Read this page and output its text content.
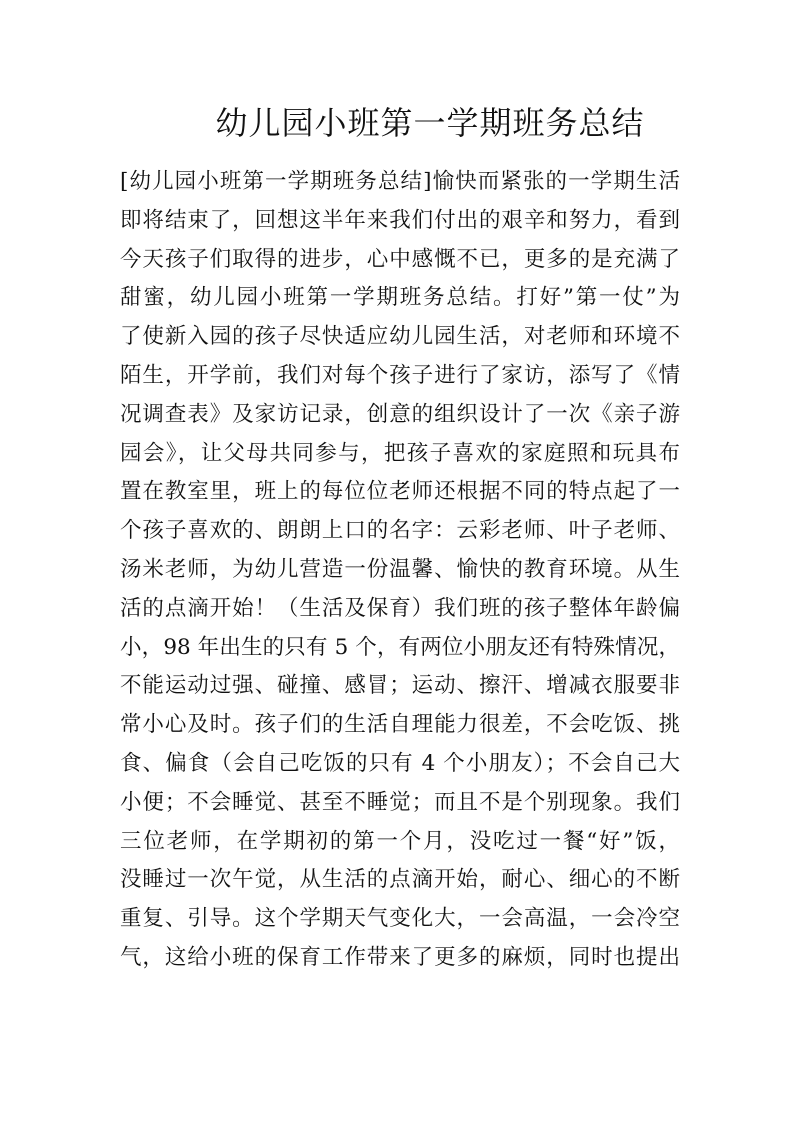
幼儿园小班第一学期班务总结
[幼儿园小班第一学期班务总结]愉快而紧张的一学期生活
即将结束了，回想这半年来我们付出的艰辛和努力，看到
今天孩子们取得的进步，心中感慨不已，更多的是充满了
甜蜜，幼儿园小班第一学期班务总结。打好”第一仗”为
了使新入园的孩子尽快适应幼儿园生活，对老师和环境不
陌生，开学前，我们对每个孩子进行了家访，添写了《情
况调查表》及家访记录，创意的组织设计了一次《亲子游
园会》，让父母共同参与，把孩子喜欢的家庭照和玩具布
置在教室里，班上的每位位老师还根据不同的特点起了一
个孩子喜欢的、朗朗上口的名字：云彩老师、叶子老师、
汤米老师，为幼儿营造一份温馨、愉快的教育环境。从生
活的点滴开始！（生活及保育）我们班的孩子整体年龄偏
小，98 年出生的只有 5 个，有两位小朋友还有特殊情况，
不能运动过强、碰撞、感冒；运动、擦汗、增减衣服要非
常小心及时。孩子们的生活自理能力很差，不会吃饭、挑
食、偏食（会自己吃饭的只有 4 个小朋友）；不会自己大
小便；不会睡觉、甚至不睡觉；而且不是个别现象。我们
三位老师，在学期初的第一个月，没吃过一餐“好”饭，
没睡过一次午觉，从生活的点滴开始，耐心、细心的不断
重复、引导。这个学期天气变化大，一会高温，一会冷空
气，这给小班的保育工作带来了更多的麻烦，同时也提出
